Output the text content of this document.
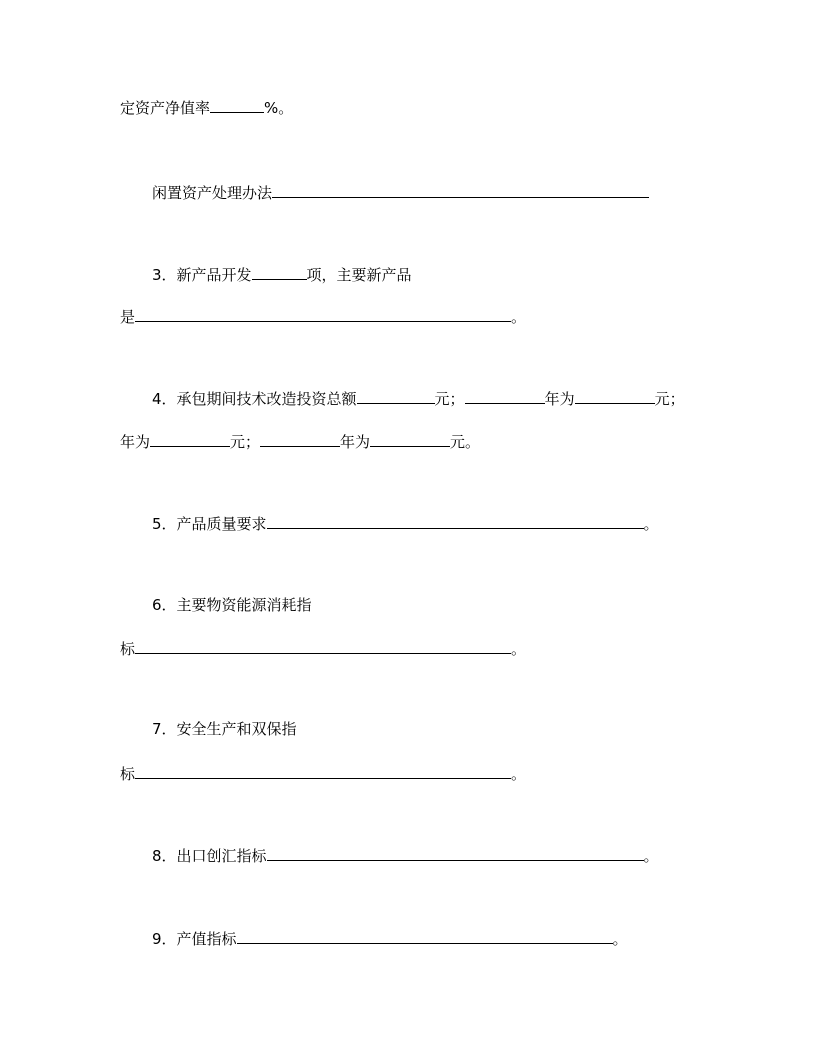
定资产净值率	%。
闲置资产处理办法
3．新产品开发	项，主要新产品
是	。
4．承包期间技术改造投资总额	元；	年为	元；
年为	元；	年为	元。
5．产品质量要求	。
6．主要物资能源消耗指
标	。
7．安全生产和双保指
标	。
8．出口创汇指标	。
9．产值指标	。
